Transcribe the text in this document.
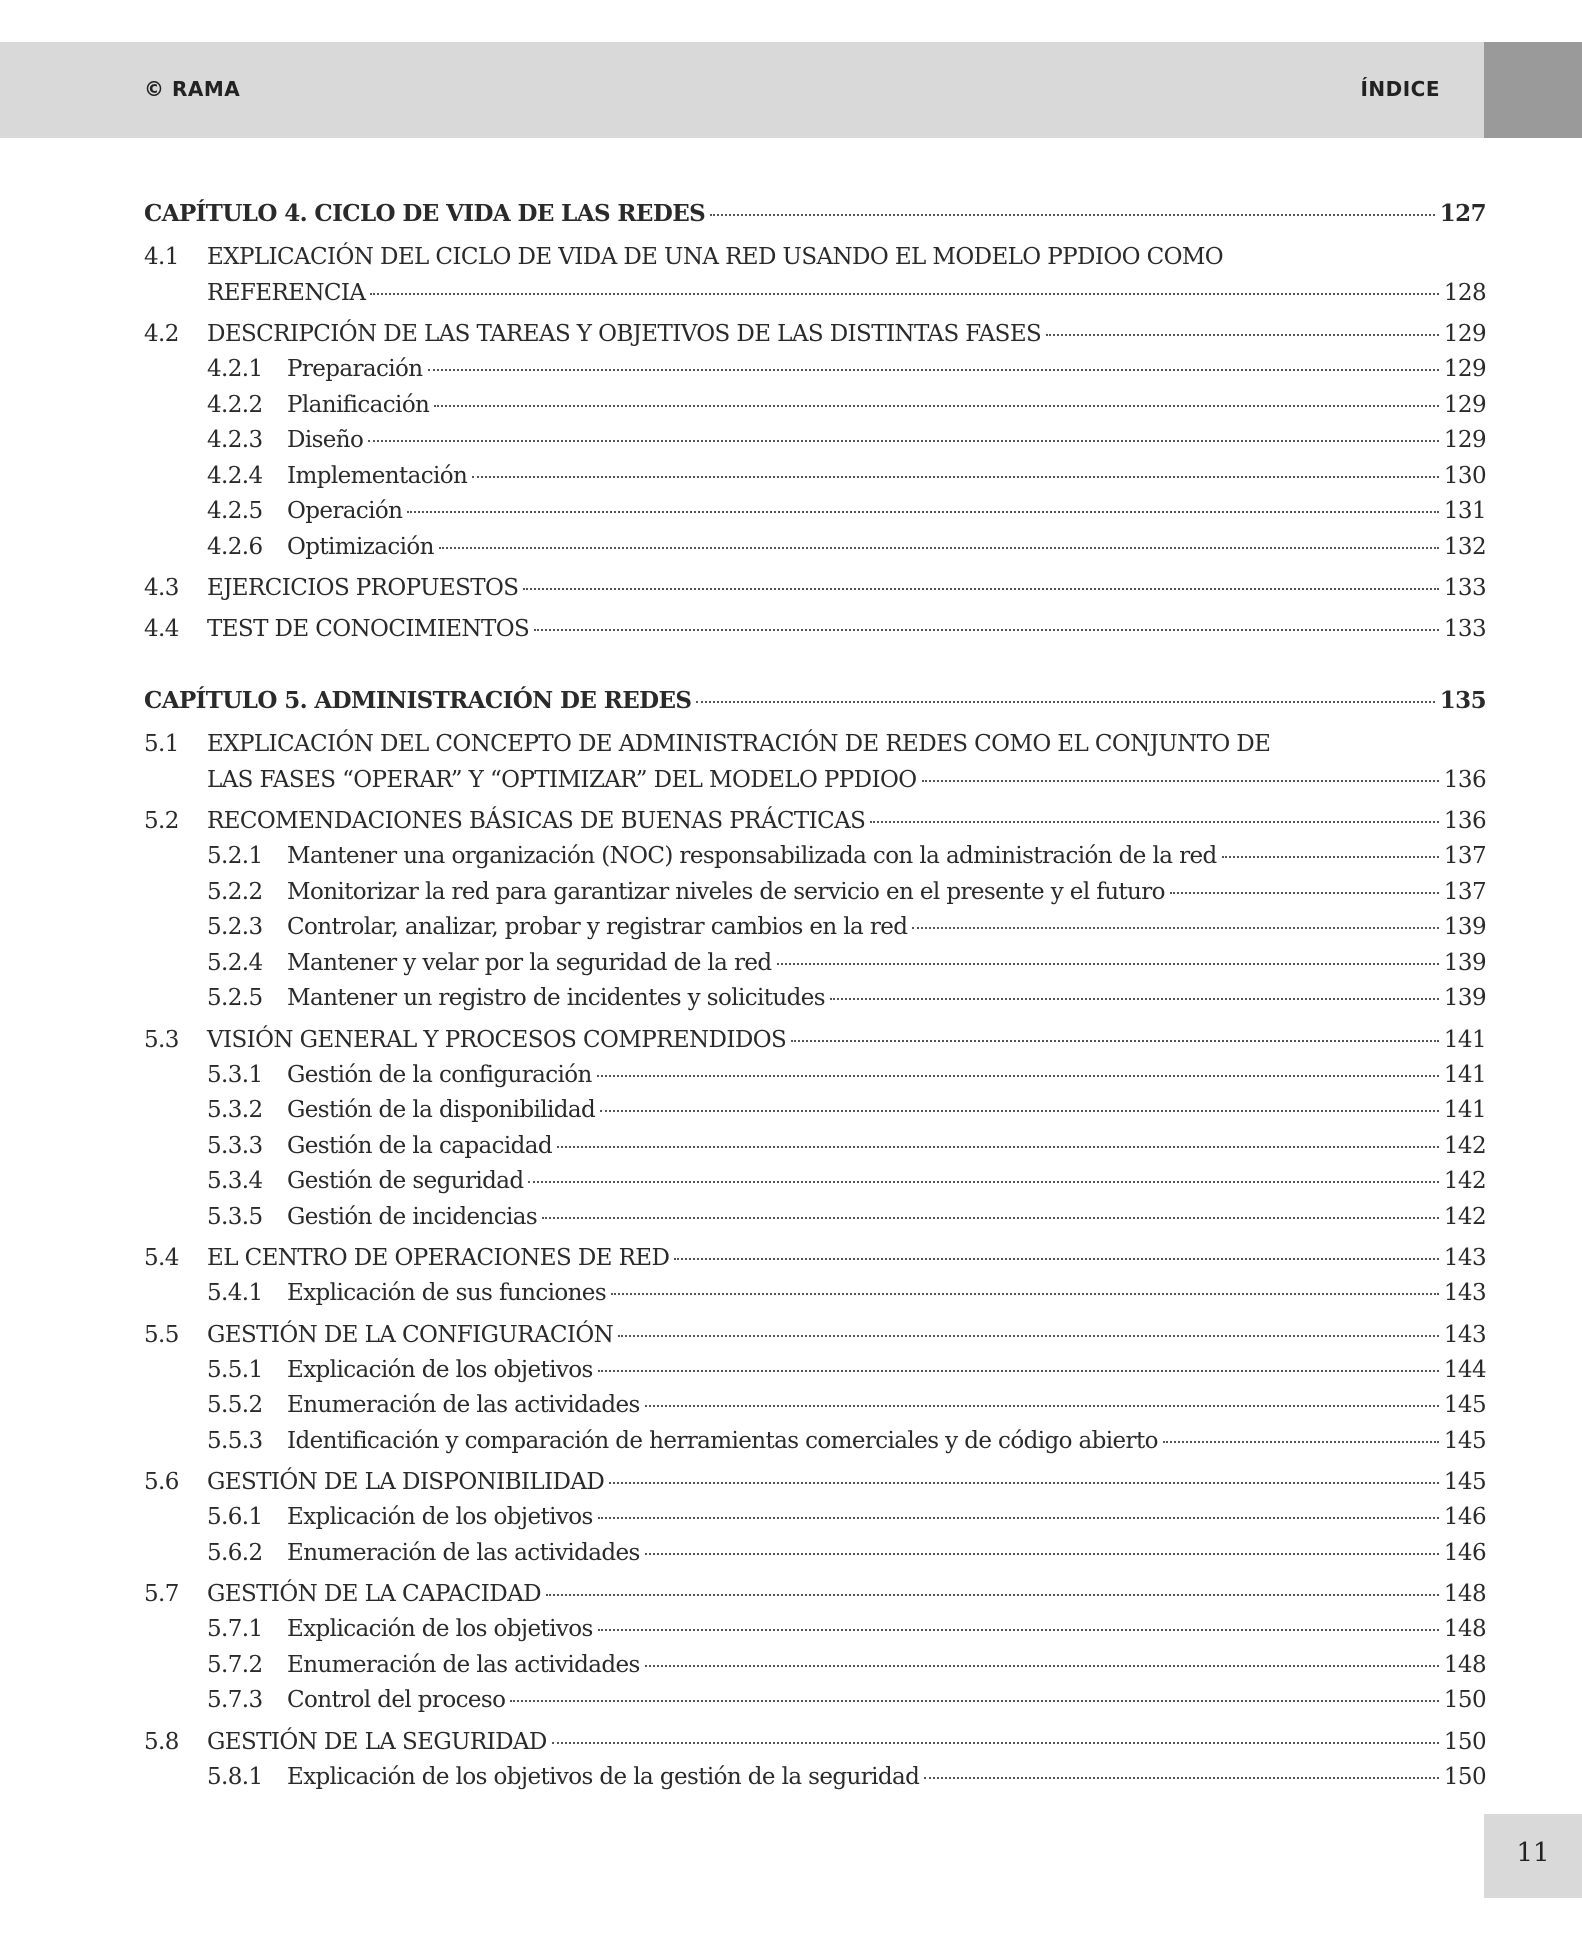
© RAMA	ÍNDICE
CAPÍTULO 4. CICLO DE VIDA DE LAS REDES	127
4.1 EXPLICACIÓN DEL CICLO DE VIDA DE UNA RED USANDO EL MODELO PPDIOO COMO
REFERENCIA	128
4.2 DESCRIPCIÓN DE LAS TAREAS Y OBJETIVOS DE LAS DISTINTAS FASES	129
4.2.1 Preparación	129
4.2.2 Planificación	129
4.2.3 Diseño	129
4.2.4 Implementación	130
4.2.5 Operación	131
4.2.6 Optimización	132
4.3 EJERCICIOS PROPUESTOS	133
4.4 TEST DE CONOCIMIENTOS	133
CAPÍTULO 5. ADMINISTRACIÓN DE REDES	135
5.1 EXPLICACIÓN DEL CONCEPTO DE ADMINISTRACIÓN DE REDES COMO EL CONJUNTO DE
LAS FASES “OPERAR” Y “OPTIMIZAR” DEL MODELO PPDIOO	136
5.2 RECOMENDACIONES BÁSICAS DE BUENAS PRÁCTICAS	136
5.2.1 Mantener una organización (NOC) responsabilizada con la administración de la red	137
5.2.2 Monitorizar la red para garantizar niveles de servicio en el presente y el futuro	137
5.2.3 Controlar, analizar, probar y registrar cambios en la red	139
5.2.4 Mantener y velar por la seguridad de la red	139
5.2.5 Mantener un registro de incidentes y solicitudes	139
5.3 VISIÓN GENERAL Y PROCESOS COMPRENDIDOS	141
5.3.1 Gestión de la configuración	141
5.3.2 Gestión de la disponibilidad	141
5.3.3 Gestión de la capacidad	142
5.3.4 Gestión de seguridad	142
5.3.5 Gestión de incidencias	142
5.4 EL CENTRO DE OPERACIONES DE RED	143
5.4.1 Explicación de sus funciones	143
5.5 GESTIÓN DE LA CONFIGURACIÓN	143
5.5.1 Explicación de los objetivos	144
5.5.2 Enumeración de las actividades	145
5.5.3 Identificación y comparación de herramientas comerciales y de código abierto	145
5.6 GESTIÓN DE LA DISPONIBILIDAD	145
5.6.1 Explicación de los objetivos	146
5.6.2 Enumeración de las actividades	146
5.7 GESTIÓN DE LA CAPACIDAD	148
5.7.1 Explicación de los objetivos	148
5.7.2 Enumeración de las actividades	148
5.7.3 Control del proceso	150
5.8 GESTIÓN DE LA SEGURIDAD	150
5.8.1 Explicación de los objetivos de la gestión de la seguridad	150
11
